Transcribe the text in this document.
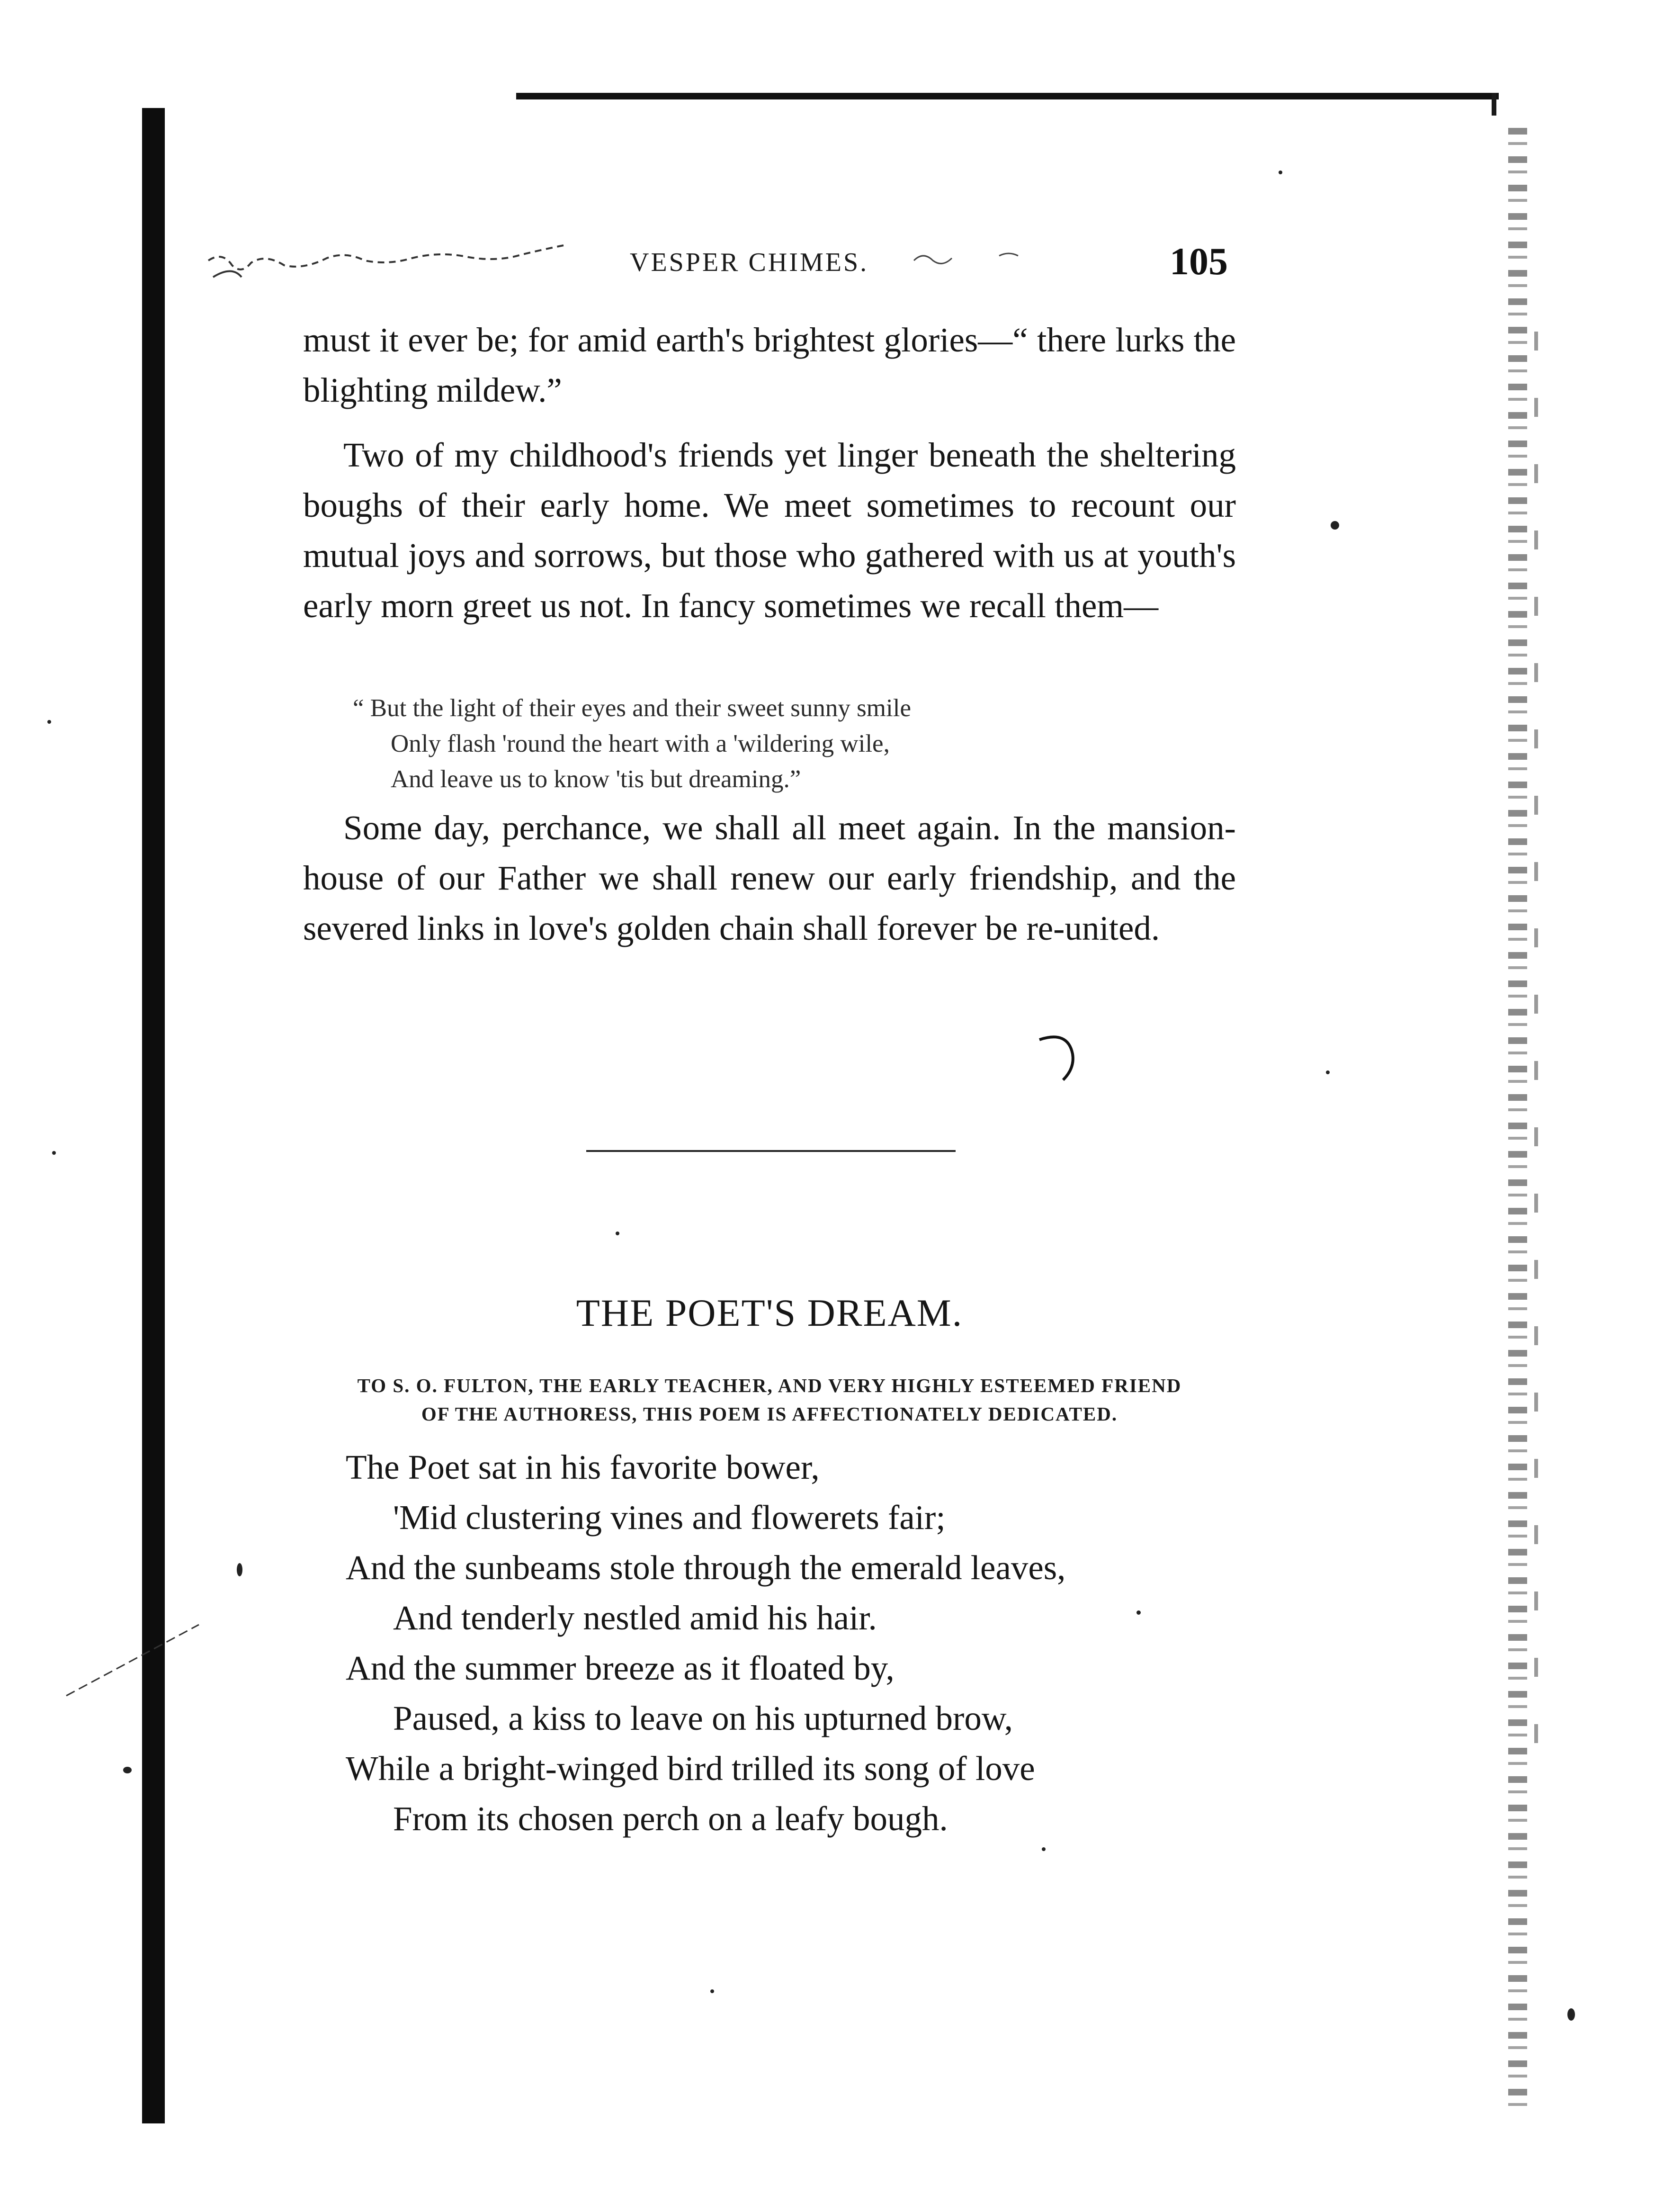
VESPER CHIMES.	105

must it ever be; for amid earth's brightest glories—“ there lurks the blighting mildew.”

Two of my childhood's friends yet linger beneath the sheltering boughs of their early home. We meet sometimes to recount our mutual joys and sorrows, but those who gathered with us at youth's early morn greet us not. In fancy sometimes we recall them—

“ But the light of their eyes and their sweet sunny smile
Only flash 'round the heart with a 'wildering wile,
And leave us to know 'tis but dreaming.”

Some day, perchance, we shall all meet again. In the mansion-house of our Father we shall renew our early friendship, and the severed links in love's golden chain shall forever be re-united.

THE POET'S DREAM.
TO S. O. FULTON, THE EARLY TEACHER, AND VERY HIGHLY ESTEEMED FRIEND
OF THE AUTHORESS, THIS POEM IS AFFECTIONATELY DEDICATED.
The Poet sat in his favorite bower,
'Mid clustering vines and flowerets fair;
And the sunbeams stole through the emerald leaves,
And tenderly nestled amid his hair.
And the summer breeze as it floated by,
Paused, a kiss to leave on his upturned brow,
While a bright-winged bird trilled its song of love
From its chosen perch on a leafy bough.
